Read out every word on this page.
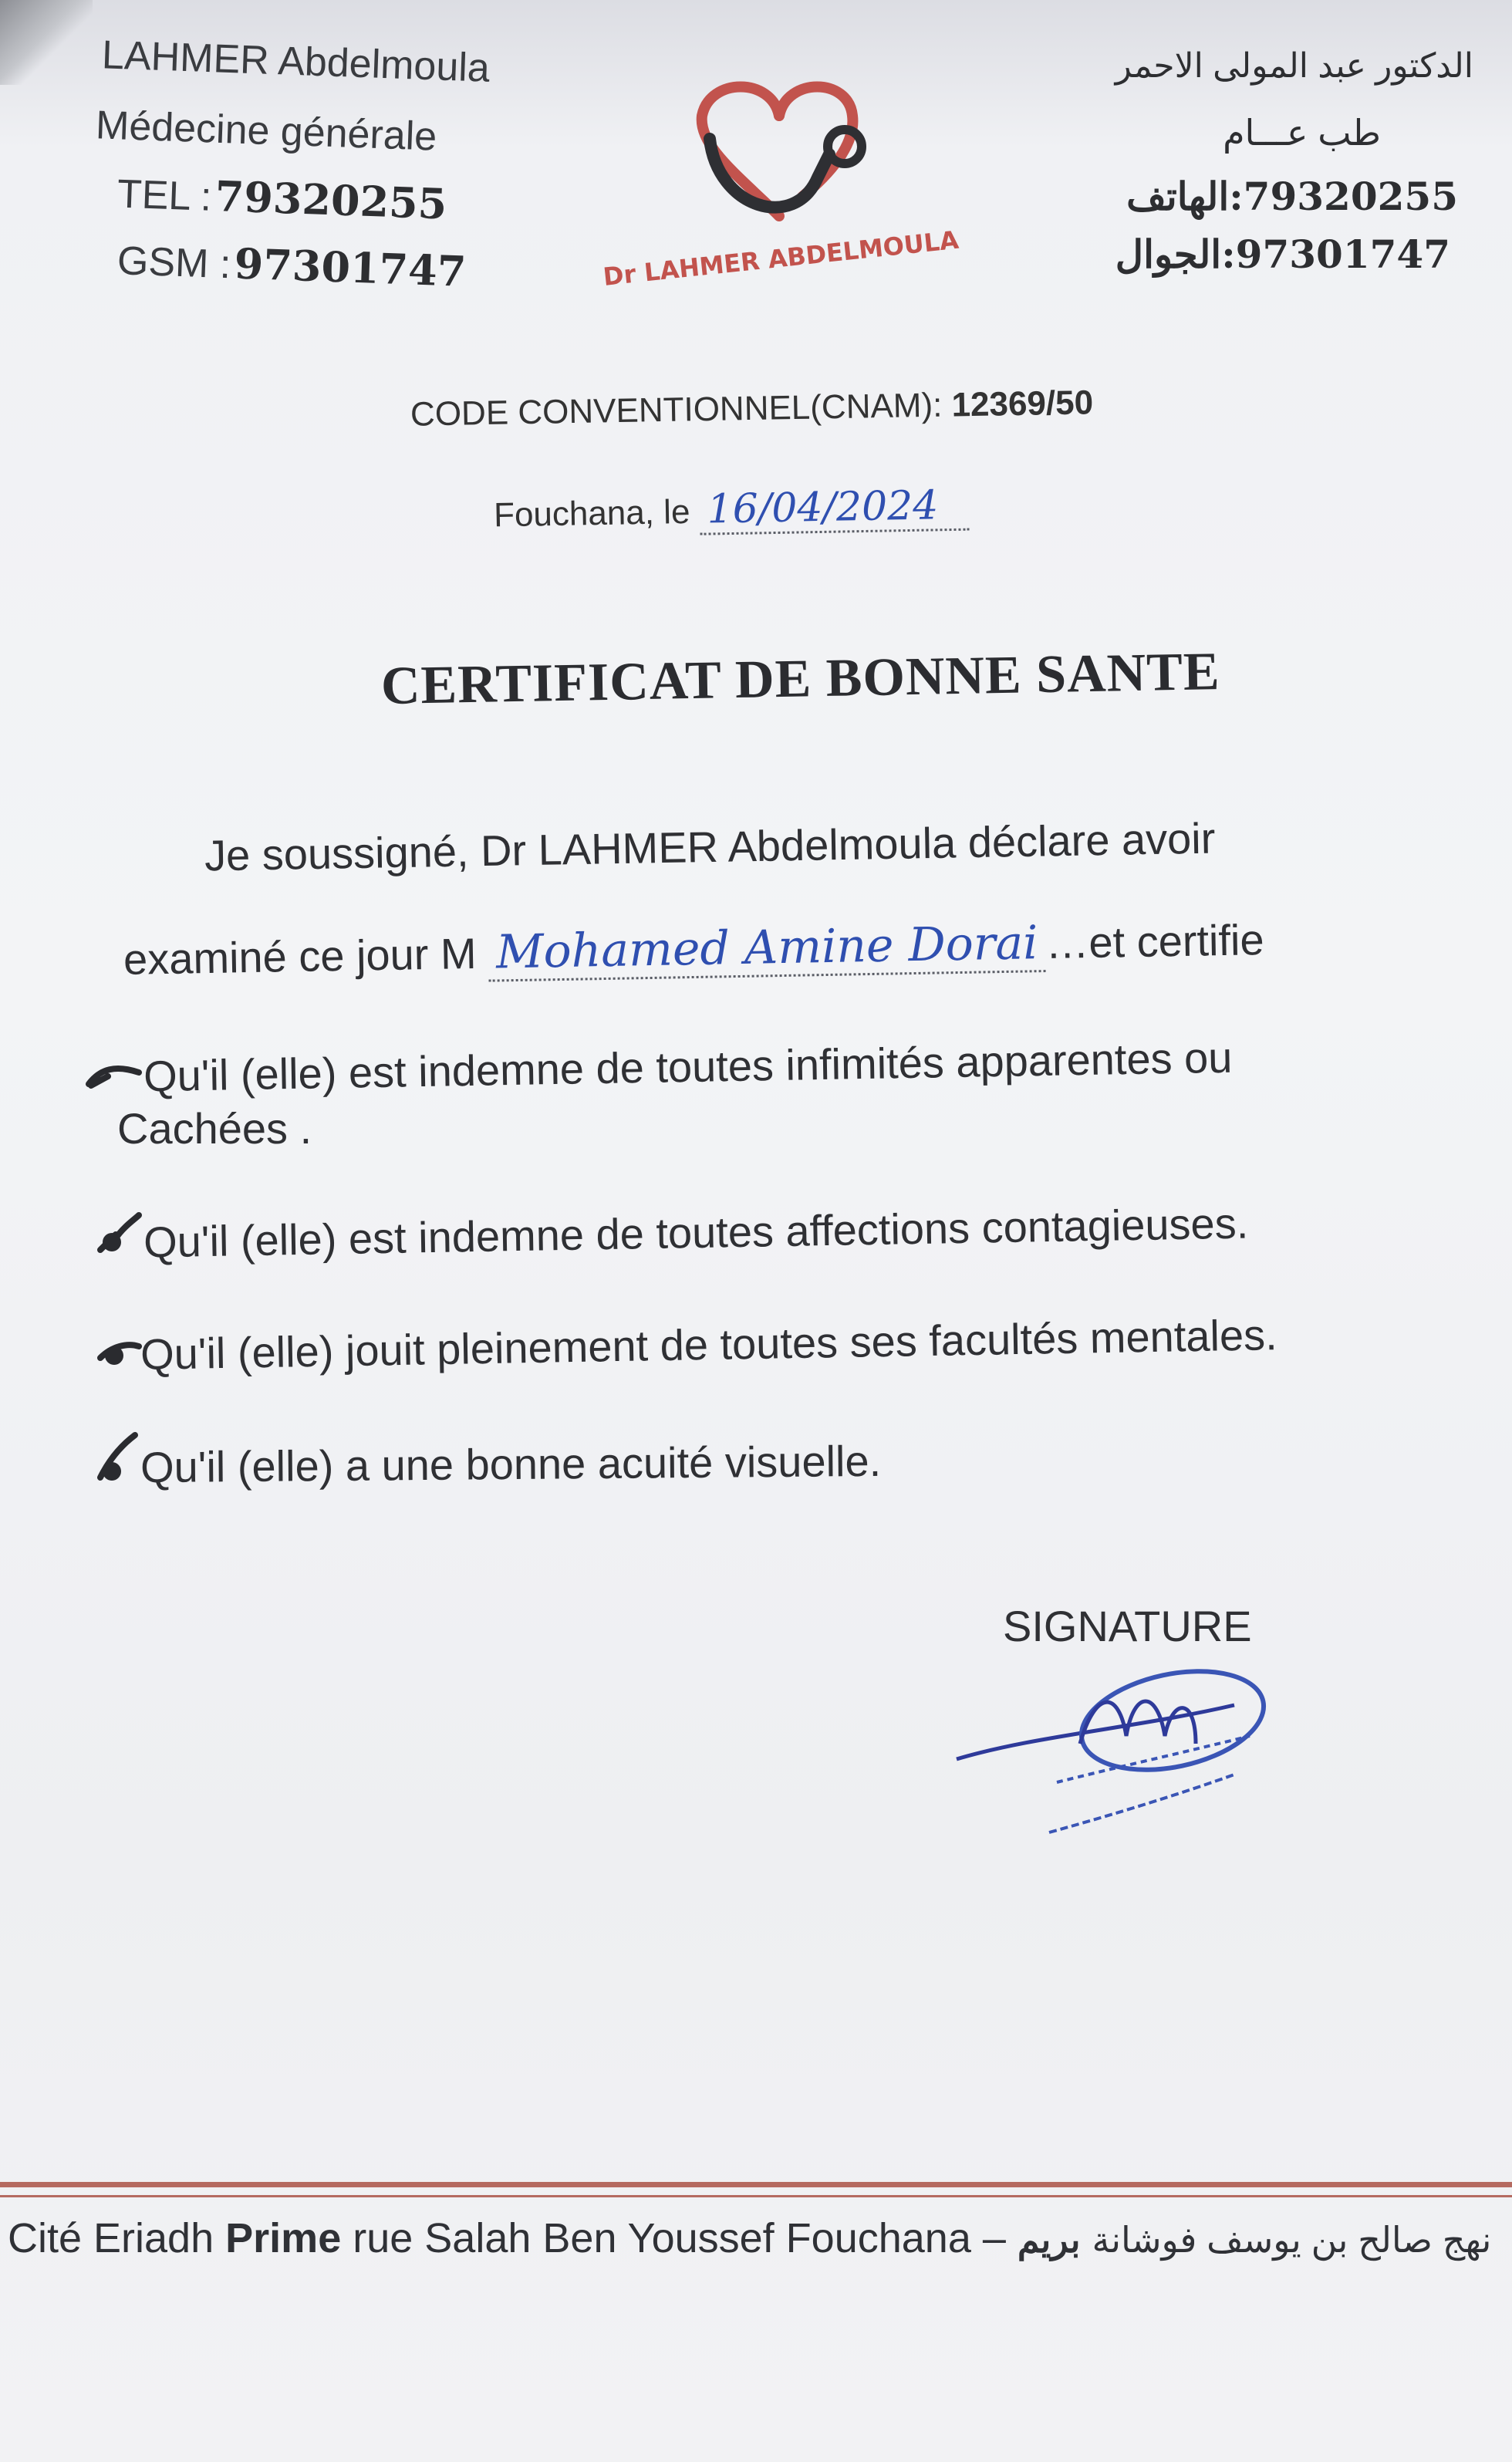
LAHMER Abdelmoula
Médecine générale
TEL : 79320255
GSM : 97301747	Dr LAHMER ABDELMOULA
الدكتور عبد المولى الاحمر
طب عـــام
79320255:الهاتف
97301747:الجوال
CODE CONVENTIONNEL(CNAM): 12369/50
Fouchana, le 16/04/2024
CERTIFICAT DE BONNE SANTE
Je soussigné, Dr LAHMER Abdelmoula déclare avoir
examiné ce jour M Mohamed Amine Dorai …et certifie
Qu'il (elle) est indemne de toutes infimités apparentes ou
Cachées .
Qu'il (elle) est indemne de toutes affections contagieuses.
Qu'il (elle) jouit pleinement de toutes ses facultés mentales.
Qu'il (elle) a une bonne acuité visuelle.
SIGNATURE
Cité Eriadh Prime rue Salah Ben Youssef Fouchana – نهج صالح بن يوسف فوشانة بريم
